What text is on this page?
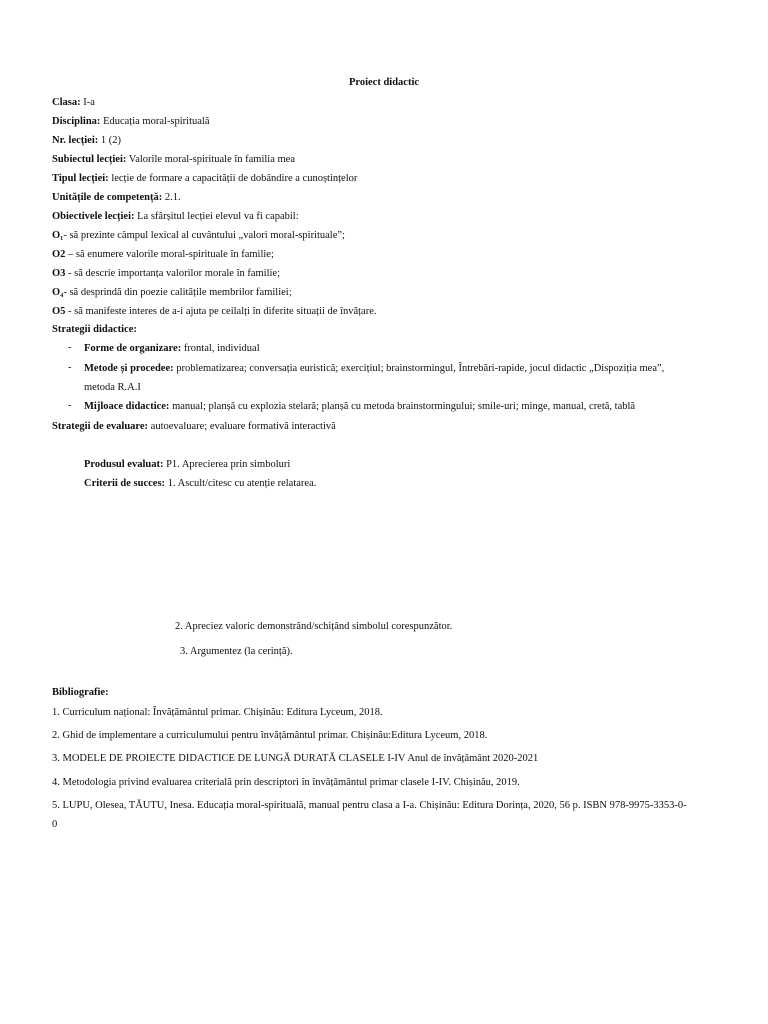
Proiect didactic
Clasa: I-a
Disciplina: Educația moral-spirituală
Nr. lecției: 1 (2)
Subiectul lecției: Valorile moral-spirituale în familia mea
Tipul lecției: lecție de formare a capacității de dobândire a cunoștințelor
Unitățile de competență: 2.1.
Obiectivele lecției: La sfârșitul lecției elevul va fi capabil:
O₁- să prezinte câmpul lexical al cuvântului „valori moral-spirituale”;
O2 – să enumere valorile moral-spirituale în familie;
O3 - să descrie importanța valorilor morale în familie;
O₄- să desprindă din poezie calitățile membrilor familiei;
O5 - să manifeste interes de a-i ajuta pe ceilalți în diferite situații de învățare.
Strategii didactice:
- Forme de organizare: frontal, individual
- Metode și procedee: problematizarea; conversația euristică; exercițiul; brainstormingul, Întrebări-rapide, jocul didactic „Dispoziția mea”,
metoda R.A.I
- Mijloace didactice: manual; planșă cu explozia stelară; planșă cu metoda brainstormingului; smile-uri; minge, manual, cretă, tablă
Strategii de evaluare: autoevaluare; evaluare formativă interactivă
Produsul evaluat: P1. Aprecierea prin simboluri
Criterii de succes: 1. Ascult/citesc cu atenție relatarea.
2. Apreciez valoric demonstrând/schițând simbolul corespunzător.
3. Argumentez (la cerință).
Bibliografie:
1. Curriculum național: Învățământul primar. Chișinău: Editura Lyceum, 2018.
2. Ghid de implementare a curriculumului pentru învățământul primar. Chișinău:Editura Lyceum, 2018.
3. MODELE DE PROIECTE DIDACTICE DE LUNGĂ DURATĂ CLASELE I-IV Anul de învățământ 2020-2021
4. Metodologia privind evaluarea criterială prin descriptori în învățământul primar clasele I-IV. Chișinău, 2019.
5. LUPU, Olesea, TĂUTU, Inesa. Educația moral-spirituală, manual pentru clasa a I-a. Chișinău: Editura Dorința, 2020, 56 p. ISBN 978-9975-3353-0-
0
